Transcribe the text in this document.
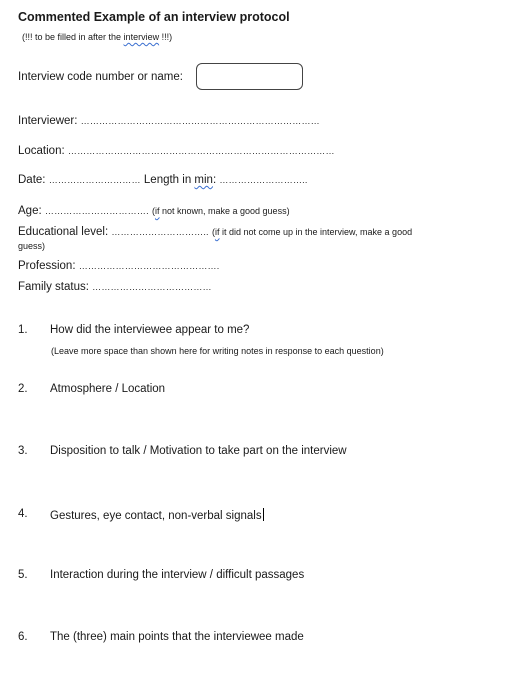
Commented Example of an interview protocol
(!!! to be filled in after the interview !!!)
Interview code number or name:
Interviewer: ……………………………………………………………………
Location: ……………………………………………………………………………
Date: ………………………… Length in min: ………………………..
Age: ……………………………. (if not known, make a good guess)
Educational level: ………………………….. (if it did not come up in the interview, make a good
guess)
Profession: ……………………………………….
Family status: …………………………………
1. How did the interviewee appear to me?
(Leave more space than shown here for writing notes in response to each question)
2. Atmosphere / Location
3. Disposition to talk / Motivation to take part on the interview
4. Gestures, eye contact, non-verbal signals
5. Interaction during the interview / difficult passages
6. The (three) main points that the interviewee made
